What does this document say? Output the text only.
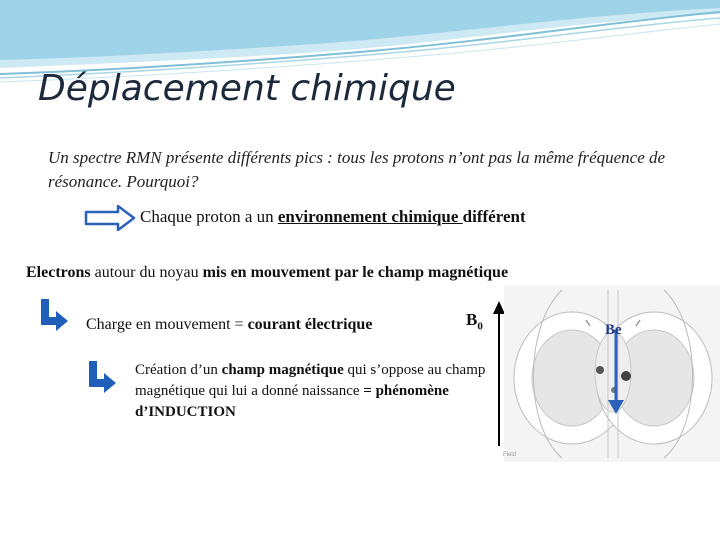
Déplacement chimique
Un spectre RMN présente différents pics : tous les protons n’ont pas la même fréquence de résonance. Pourquoi?
Chaque proton a un environnement chimique différent
Electrons autour du noyau mis en mouvement par le champ magnétique
Charge en mouvement = courant électrique
Création d’un champ magnétique qui s’oppose au champ magnétique qui lui a donné naissance = phénomène d’INDUCTION
$B_0$	Be
Field
